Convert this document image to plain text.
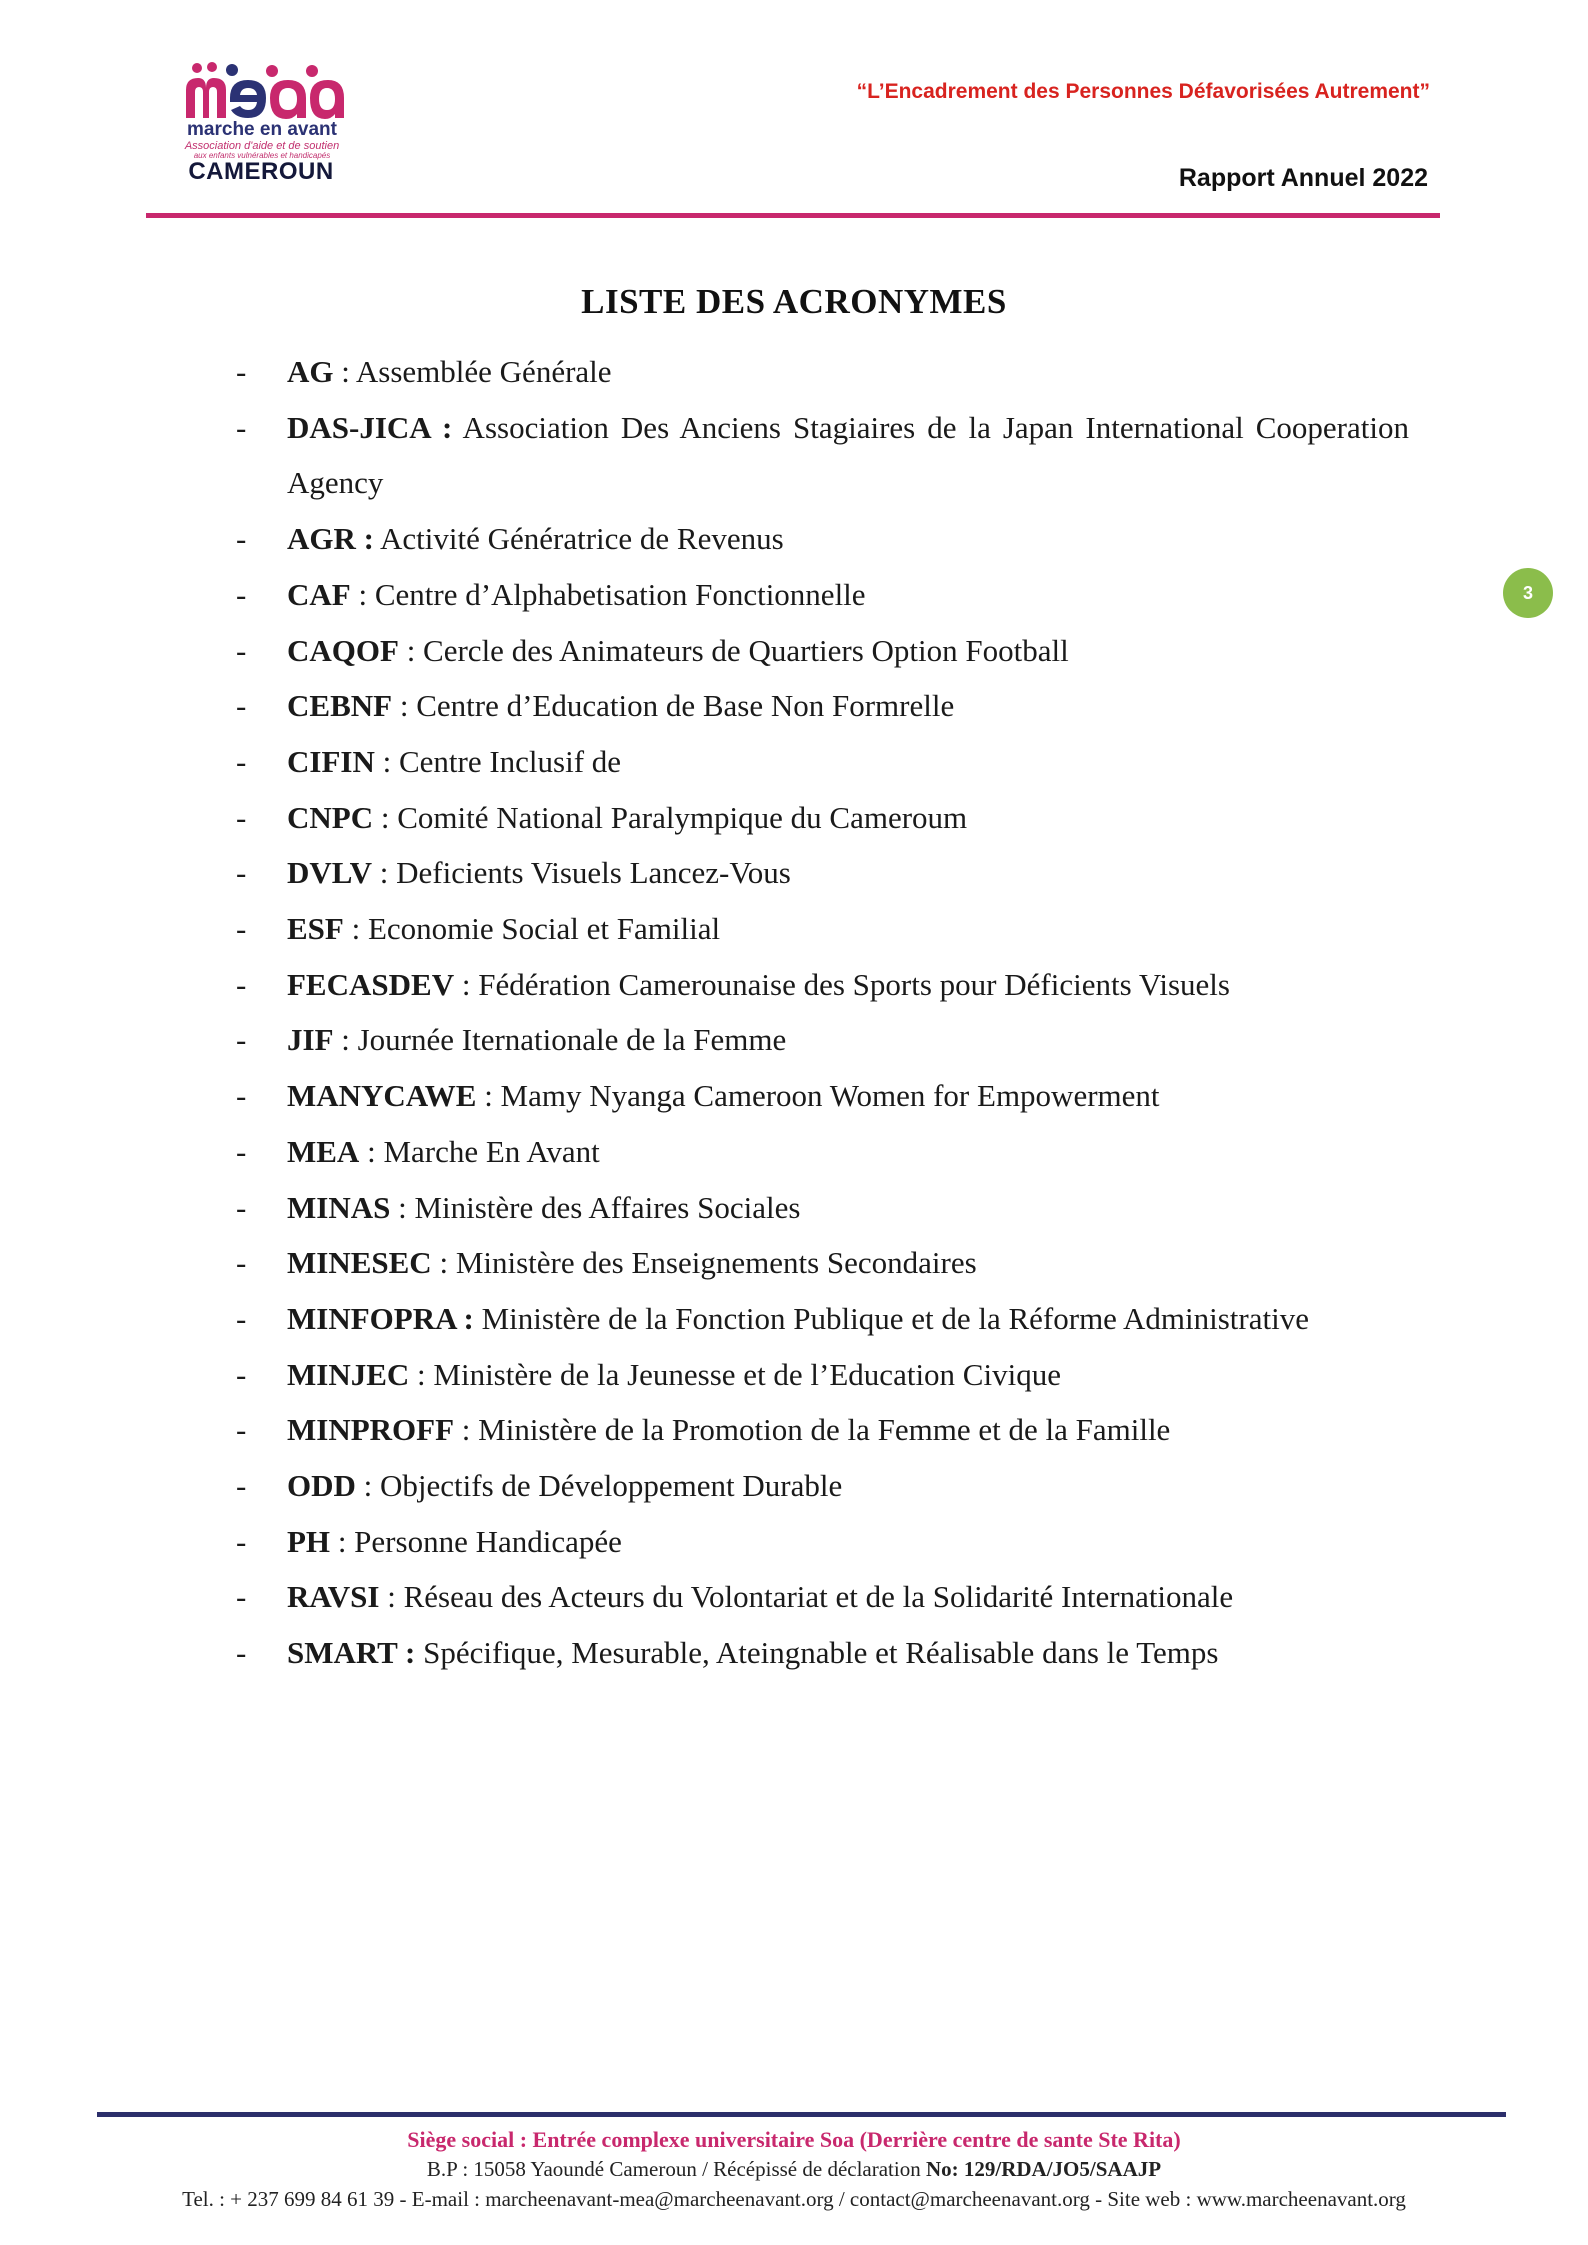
marche en avant
Association d'aide et de soutien
aux enfants vulnérables et handicapés
CAMEROUN
“L’Encadrement des Personnes Défavorisées Autrement”
Rapport Annuel 2022
3
LISTE DES ACRONYMES
- AG : Assemblée Générale
- DAS-JICA : Association Des Anciens Stagiaires de la Japan International Cooperation Agency
- AGR : Activité Génératrice de Revenus
- CAF : Centre d’Alphabetisation Fonctionnelle
- CAQOF : Cercle des Animateurs de Quartiers Option Football
- CEBNF : Centre d’Education de Base Non Formrelle
- CIFIN : Centre Inclusif de
- CNPC : Comité National Paralympique du Cameroum
- DVLV : Deficients Visuels Lancez-Vous
- ESF : Economie Social et Familial
- FECASDEV : Fédération Camerounaise des Sports pour Déficients Visuels
- JIF : Journée Iternationale de la Femme
- MANYCAWE : Mamy Nyanga Cameroon Women for Empowerment
- MEA : Marche En Avant
- MINAS : Ministère des Affaires Sociales
- MINESEC : Ministère des Enseignements Secondaires
- MINFOPRA : Ministère de la Fonction Publique et de la Réforme Administrative
- MINJEC : Ministère de la Jeunesse et de l’Education Civique
- MINPROFF : Ministère de la Promotion de la Femme et de la Famille
- ODD : Objectifs de Développement Durable
- PH : Personne Handicapée
- RAVSI : Réseau des Acteurs du Volontariat et de la Solidarité Internationale
- SMART : Spécifique, Mesurable, Ateingnable et Réalisable dans le Temps
Siège social : Entrée complexe universitaire Soa (Derrière centre de sante Ste Rita)
B.P : 15058 Yaoundé Cameroun / Récépissé de déclaration No: 129/RDA/JO5/SAAJP
Tel. : + 237 699 84 61 39 - E-mail : marcheenavant-mea@marcheenavant.org / contact@marcheenavant.org - Site web : www.marcheenavant.org
